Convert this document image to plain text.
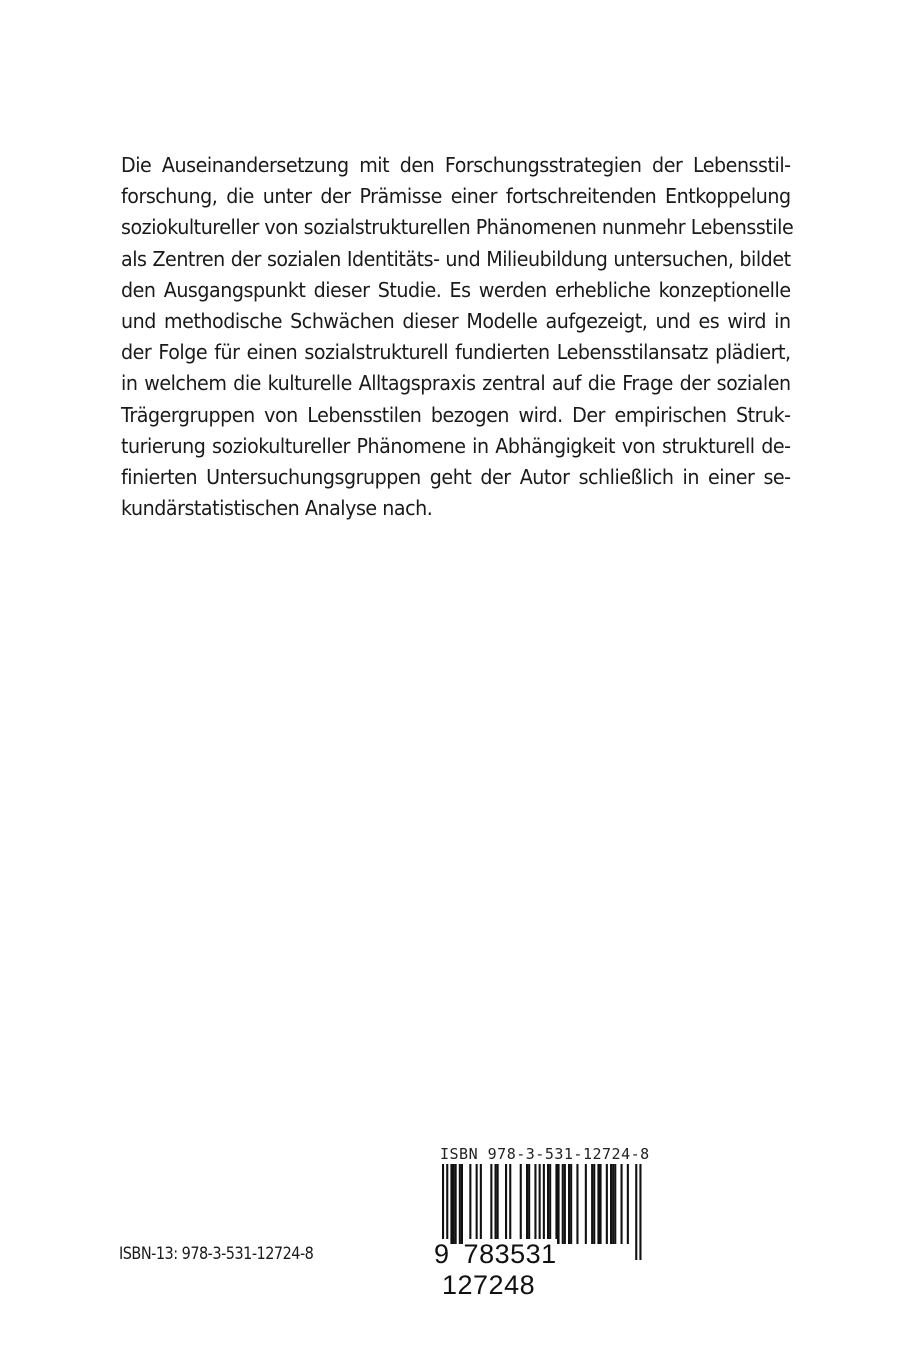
Die Auseinandersetzung mit den Forschungsstrategien der Lebensstil-
forschung, die unter der Prämisse einer fortschreitenden Entkoppelung
soziokultureller von sozialstrukturellen Phänomenen nunmehr Lebensstile
als Zentren der sozialen Identitäts- und Milieubildung untersuchen, bildet
den Ausgangspunkt dieser Studie. Es werden erhebliche konzeptionelle
und methodische Schwächen dieser Modelle aufgezeigt, und es wird in
der Folge für einen sozialstrukturell fundierten Lebensstilansatz plädiert,
in welchem die kulturelle Alltagspraxis zentral auf die Frage der sozialen
Trägergruppen von Lebensstilen bezogen wird. Der empirischen Struk-
turierung soziokultureller Phänomene in Abhängigkeit von strukturell de-
finierten Untersuchungsgruppen geht der Autor schließlich in einer se-
kundärstatistischen Analyse nach.
ISBN-13: 978-3-531-12724-8
ISBN 978-3-531-12724-8
9 783531 127248
